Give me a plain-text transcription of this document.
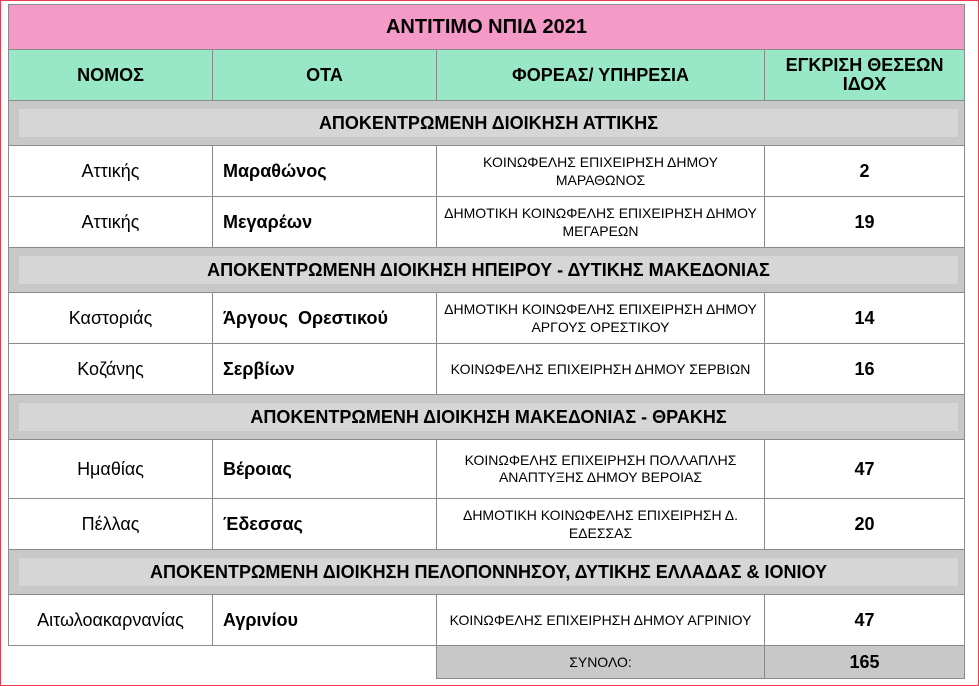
ΑΝΤΙΤΙΜΟ ΝΠΙΔ 2021			
ΝΟΜΟΣ	ΟΤΑ	ΦΟΡΕΑΣ/ ΥΠΗΡΕΣΙΑ	ΕΓΚΡΙΣΗ ΘΕΣΕΩΝ ΙΔΟΧ

ΑΠΟΚΕΝΤΡΩΜΕΝΗ ΔΙΟΙΚΗΣΗ ΑΤΤΙΚΗΣ			

Αττικής	Μαραθώνος	ΚΟΙΝΩΦΕΛΗΣ ΕΠΙΧΕΙΡΗΣΗ ΔΗΜΟΥ ΜΑΡΑΘΩΝΟΣ	2
Αττικής	Μεγαρέων	ΔΗΜΟΤΙΚΗ ΚΟΙΝΩΦΕΛΗΣ ΕΠΙΧΕΙΡΗΣΗ ΔΗΜΟΥ ΜΕΓΑΡΕΩΝ	19

ΑΠΟΚΕΝΤΡΩΜΕΝΗ ΔΙΟΙΚΗΣΗ ΗΠΕΙΡΟΥ - ΔΥΤΙΚΗΣ ΜΑΚΕΔΟΝΙΑΣ			

Καστοριάς	Άργους  Ορεστικού	ΔΗΜΟΤΙΚΗ ΚΟΙΝΩΦΕΛΗΣ ΕΠΙΧΕΙΡΗΣΗ ΔΗΜΟΥ ΑΡΓΟΥΣ ΟΡΕΣΤΙΚΟΥ	14
Κοζάνης	Σερβίων	ΚΟΙΝΩΦΕΛΗΣ ΕΠΙΧΕΙΡΗΣΗ ΔΗΜΟΥ ΣΕΡΒΙΩΝ	16

ΑΠΟΚΕΝΤΡΩΜΕΝΗ ΔΙΟΙΚΗΣΗ ΜΑΚΕΔΟΝΙΑΣ - ΘΡΑΚΗΣ			

Ημαθίας	Βέροιας	ΚΟΙΝΩΦΕΛΗΣ ΕΠΙΧΕΙΡΗΣΗ ΠΟΛΛΑΠΛΗΣ ΑΝΑΠΤΥΞΗΣ ΔΗΜΟΥ ΒΕΡΟΙΑΣ	47
Πέλλας	Έδεσσας	ΔΗΜΟΤΙΚΗ ΚΟΙΝΩΦΕΛΗΣ ΕΠΙΧΕΙΡΗΣΗ Δ. ΕΔΕΣΣΑΣ	20

ΑΠΟΚΕΝΤΡΩΜΕΝΗ ΔΙΟΙΚΗΣΗ ΠΕΛΟΠΟΝΝΗΣΟΥ, ΔΥΤΙΚΗΣ ΕΛΛΑΔΑΣ & ΙΟΝΙΟΥ			

Αιτωλοακαρνανίας	Αγρινίου	ΚΟΙΝΩΦΕΛΗΣ ΕΠΙΧΕΙΡΗΣΗ ΔΗΜΟΥ ΑΓΡΙΝΙΟΥ	47
		ΣΥΝΟΛΟ:	165
